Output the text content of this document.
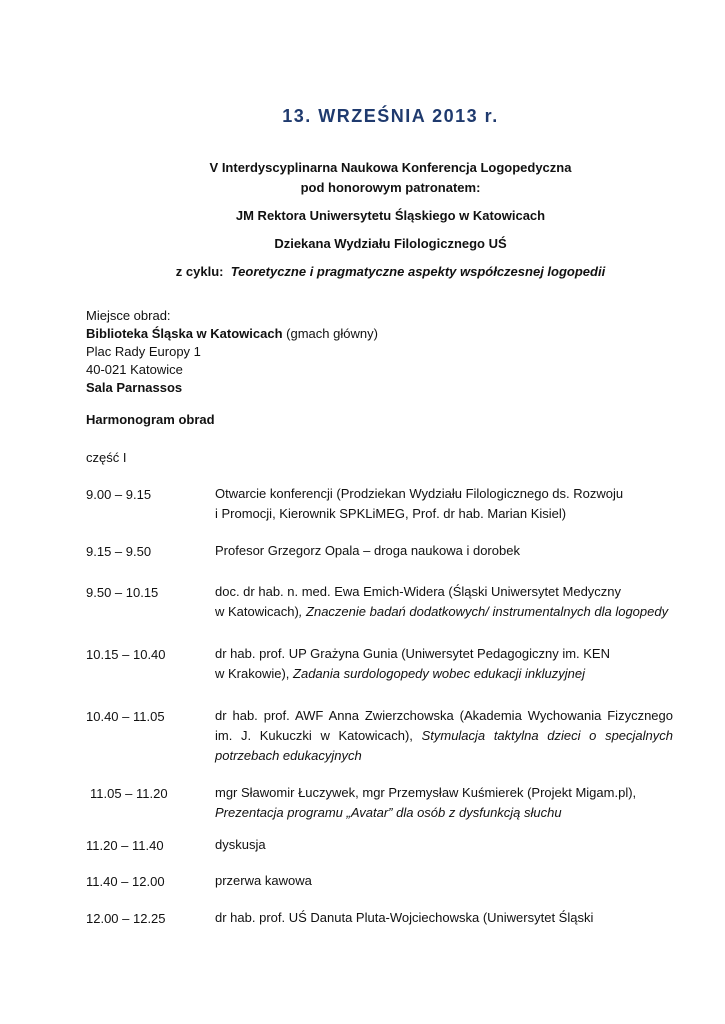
13. WRZEŚNIA 2013 r.
V Interdyscyplinarna Naukowa Konferencja Logopedyczna
pod honorowym patronatem:
JM Rektora Uniwersytetu Śląskiego w Katowicach
Dziekana Wydziału Filologicznego UŚ
z cyklu: Teoretyczne i pragmatyczne aspekty współczesnej logopedii
Miejsce obrad:
Biblioteka Śląska w Katowicach (gmach główny)
Plac Rady Europy 1
40-021 Katowice
Sala Parnassos
Harmonogram obrad
część I
9.00 – 9.15	Otwarcie konferencji (Prodziekan Wydziału Filologicznego ds. Rozwoju
i Promocji, Kierownik SPKLiMEG, Prof. dr hab. Marian Kisiel)
9.15 – 9.50	Profesor Grzegorz Opala – droga naukowa i dorobek
9.50 – 10.15	doc. dr hab. n. med. Ewa Emich-Widera (Śląski Uniwersytet Medyczny
w Katowicach), Znaczenie badań dodatkowych/ instrumentalnych dla logopedy
10.15 – 10.40	dr hab. prof. UP Grażyna Gunia (Uniwersytet Pedagogiczny im. KEN
w Krakowie), Zadania surdologopedy wobec edukacji inkluzyjnej
10.40 – 11.05	dr hab. prof. AWF Anna Zwierzchowska (Akademia Wychowania Fizycznego
im. J. Kukuczki w Katowicach), Stymulacja taktylna dzieci o specjalnych
potrzebach edukacyjnych
11.05 – 11.20	mgr Sławomir Łuczywek, mgr Przemysław Kuśmierek (Projekt Migam.pl),
Prezentacja programu „Avatar” dla osób z dysfunkcją słuchu
11.20 – 11.40	dyskusja
11.40 – 12.00	przerwa kawowa
12.00 – 12.25	dr hab. prof. UŚ Danuta Pluta-Wojciechowska (Uniwersytet Śląski
